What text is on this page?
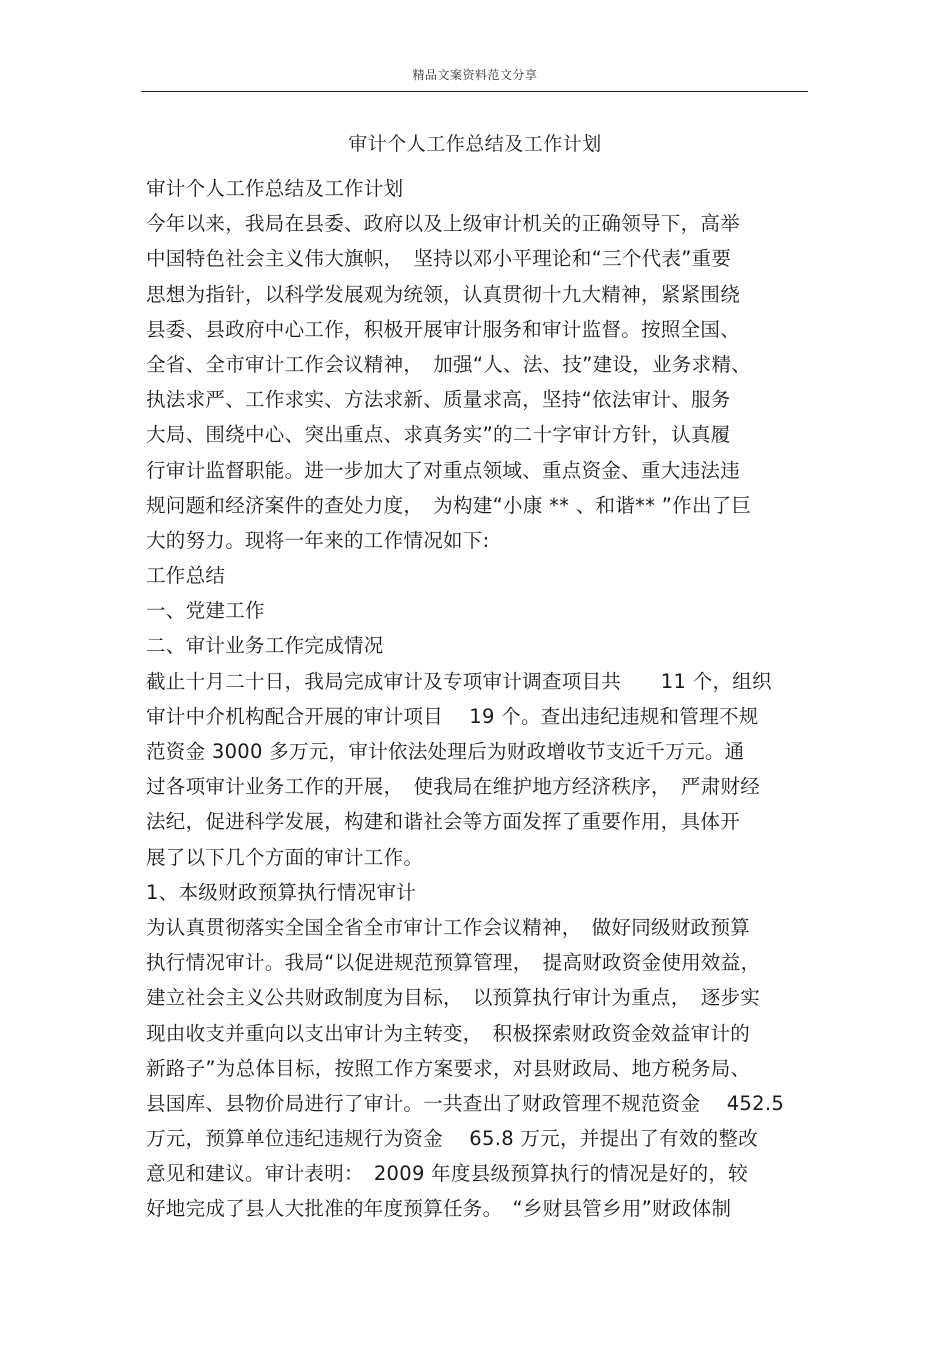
精品文案资料范文分享
审计个人工作总结及工作计划
审计个人工作总结及工作计划
今年以来，我局在县委、政府以及上级审计机关的正确领导下，高举
中国特色社会主义伟大旗帜，　坚持以邓小平理论和“三个代表”重要
思想为指针，以科学发展观为统领，认真贯彻十九大精神，紧紧围绕
县委、县政府中心工作，积极开展审计服务和审计监督。按照全国、
全省、全市审计工作会议精神，　加强“人、法、技”建设，业务求精、
执法求严、工作求实、方法求新、质量求高，坚持“依法审计、服务
大局、围绕中心、突出重点、求真务实”的二十字审计方针，认真履
行审计监督职能。进一步加大了对重点领域、重点资金、重大违法违
规问题和经济案件的查处力度，　为构建“小康 ** 、和谐** ”作出了巨
大的努力。现将一年来的工作情况如下:
工作总结
一、党建工作
二、审计业务工作完成情况
截止十月二十日，我局完成审计及专项审计调查项目共　　11 个，组织
审计中介机构配合开展的审计项目　 19 个。查出违纪违规和管理不规
范资金 3000 多万元，审计依法处理后为财政增收节支近千万元。通
过各项审计业务工作的开展，　使我局在维护地方经济秩序，　严肃财经
法纪，促进科学发展，构建和谐社会等方面发挥了重要作用，具体开
展了以下几个方面的审计工作。
1、本级财政预算执行情况审计
为认真贯彻落实全国全省全市审计工作会议精神，　做好同级财政预算
执行情况审计。我局“以促进规范预算管理，　提高财政资金使用效益，
建立社会主义公共财政制度为目标，　以预算执行审计为重点，　逐步实
现由收支并重向以支出审计为主转变，　积极探索财政资金效益审计的
新路子”为总体目标，按照工作方案要求，对县财政局、地方税务局、
县国库、县物价局进行了审计。一共查出了财政管理不规范资金　 452.5
万元，预算单位违纪违规行为资金　 65.8 万元，并提出了有效的整改
意见和建议。审计表明：　2009 年度县级预算执行的情况是好的，较
好地完成了县人大批准的年度预算任务。　“乡财县管乡用”财政体制
